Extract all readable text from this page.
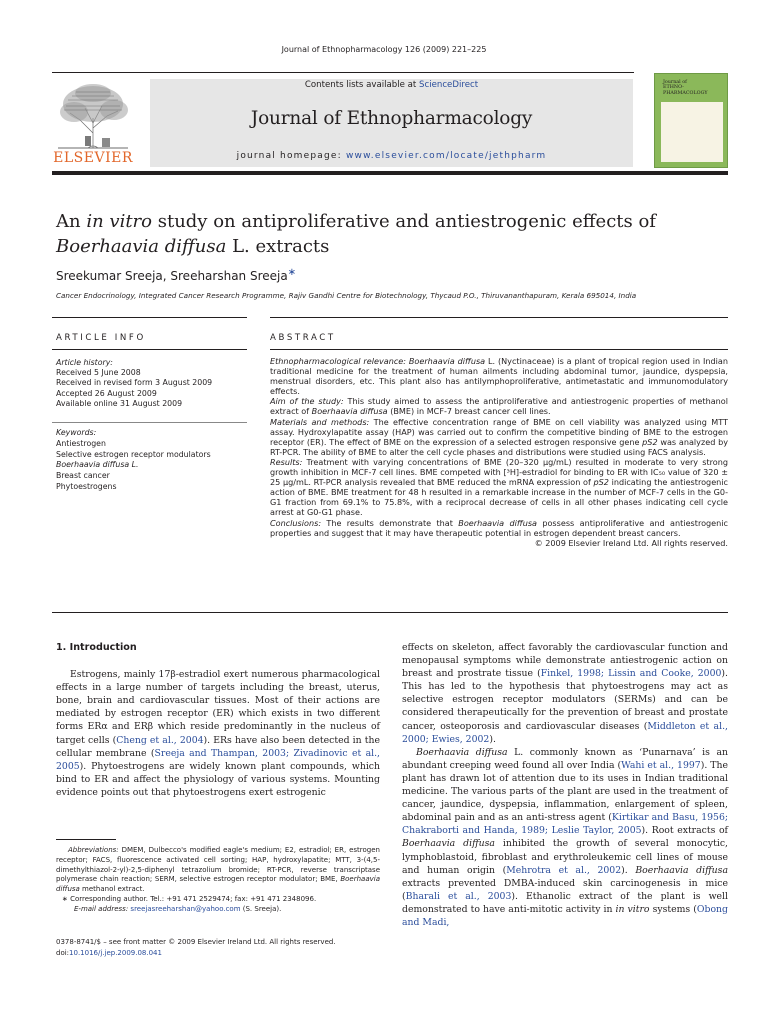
Journal of Ethnopharmacology 126 (2009) 221–225
Contents lists available at ScienceDirect
Journal of Ethnopharmacology
journal homepage: www.elsevier.com/locate/jethpharm
ELSEVIER
Journal of ETHNO-PHARMACOLOGY
An in vitro study on antiproliferative and antiestrogenic effects of
Boerhaavia diffusa L. extracts
Sreekumar Sreeja, Sreeharshan Sreeja∗
Cancer Endocrinology, Integrated Cancer Research Programme, Rajiv Gandhi Centre for Biotechnology, Thycaud P.O., Thiruvananthapuram, Kerala 695014, India
ARTICLE INFO	ABSTRACT
Article history:
Received 5 June 2008
Received in revised form 3 August 2009
Accepted 26 August 2009
Available online 31 August 2009
Keywords:
Antiestrogen
Selective estrogen receptor modulators
Boerhaavia diffusa L.
Breast cancer
Phytoestrogens

Ethnopharmacological relevance: Boerhaavia diffusa L. (Nyctinaceae) is a plant of tropical region used in Indian traditional medicine for the treatment of human ailments including abdominal tumor, jaundice, dyspepsia, menstrual disorders, etc. This plant also has antilymphoproliferative, antimetastatic and immunomodulatory effects.

Aim of the study: This study aimed to assess the antiproliferative and antiestrogenic properties of methanol extract of Boerhaavia diffusa (BME) in MCF-7 breast cancer cell lines.

Materials and methods: The effective concentration range of BME on cell viability was analyzed using MTT assay. Hydroxylapatite assay (HAP) was carried out to confirm the competitive binding of BME to the estrogen receptor (ER). The effect of BME on the expression of a selected estrogen responsive gene pS2 was analyzed by RT-PCR. The ability of BME to alter the cell cycle phases and distributions were studied using FACS analysis.

Results: Treatment with varying concentrations of BME (20–320 µg/mL) resulted in moderate to very strong growth inhibition in MCF-7 cell lines. BME competed with [³H]-estradiol for binding to ER with IC₅₀ value of 320 ± 25 µg/mL. RT-PCR analysis revealed that BME reduced the mRNA expression of pS2 indicating the antiestrogenic action of BME. BME treatment for 48 h resulted in a remarkable increase in the number of MCF-7 cells in the G0-G1 fraction from 69.1% to 75.8%, with a reciprocal decrease of cells in all other phases indicating cell cycle arrest at G0-G1 phase.

Conclusions: The results demonstrate that Boerhaavia diffusa possess antiproliferative and antiestrogenic properties and suggest that it may have therapeutic potential in estrogen dependent breast cancers.

© 2009 Elsevier Ireland Ltd. All rights reserved.

1. Introduction

Estrogens, mainly 17β-estradiol exert numerous pharmacological effects in a large number of targets including the breast, uterus, bone, brain and cardiovascular tissues. Most of their actions are mediated by estrogen receptor (ER) which exists in two different forms ERα and ERβ which reside predominantly in the nucleus of target cells (Cheng et al., 2004). ERs have also been detected in the cellular membrane (Sreeja and Thampan, 2003; Zivadinovic et al., 2005). Phytoestrogens are widely known plant compounds, which bind to ER and affect the physiology of various systems. Mounting evidence points out that phytoestrogens exert estrogenic

Abbreviations: DMEM, Dulbecco's modified eagle's medium; E2, estradiol; ER, estrogen receptor; FACS, fluorescence activated cell sorting; HAP, hydroxylapatite; MTT, 3-(4,5-dimethylthiazol-2-yl)-2,5-diphenyl tetrazolium bromide; RT-PCR, reverse transcriptase polymerase chain reaction; SERM, selective estrogen receptor modulator; BME, Boerhaavia diffusa methanol extract.
∗ Corresponding author. Tel.: +91 471 2529474; fax: +91 471 2348096.
E-mail address: sreejasreeharshan@yahoo.com (S. Sreeja).
0378-8741/$ – see front matter © 2009 Elsevier Ireland Ltd. All rights reserved.
doi:10.1016/j.jep.2009.08.041

effects on skeleton, affect favorably the cardiovascular function and menopausal symptoms while demonstrate antiestrogenic action on breast and prostrate tissue (Finkel, 1998; Lissin and Cooke, 2000). This has led to the hypothesis that phytoestrogens may act as selective estrogen receptor modulators (SERMs) and can be considered therapeutically for the prevention of breast and prostate cancer, osteoporosis and cardiovascular diseases (Middleton et al., 2000; Ewies, 2002).

Boerhaavia diffusa L. commonly known as ‘Punarnava’ is an abundant creeping weed found all over India (Wahi et al., 1997). The plant has drawn lot of attention due to its uses in Indian traditional medicine. The various parts of the plant are used in the treatment of cancer, jaundice, dyspepsia, inflammation, enlargement of spleen, abdominal pain and as an anti-stress agent (Kirtikar and Basu, 1956; Chakraborti and Handa, 1989; Leslie Taylor, 2005). Root extracts of Boerhaavia diffusa inhibited the growth of several monocytic, lymphoblastoid, fibroblast and erythroleukemic cell lines of mouse and human origin (Mehrotra et al., 2002). Boerhaavia diffusa extracts prevented DMBA-induced skin carcinogenesis in mice (Bharali et al., 2003). Ethanolic extract of the plant is well demonstrated to have anti-mitotic activity in in vitro systems (Obong and Madi,
